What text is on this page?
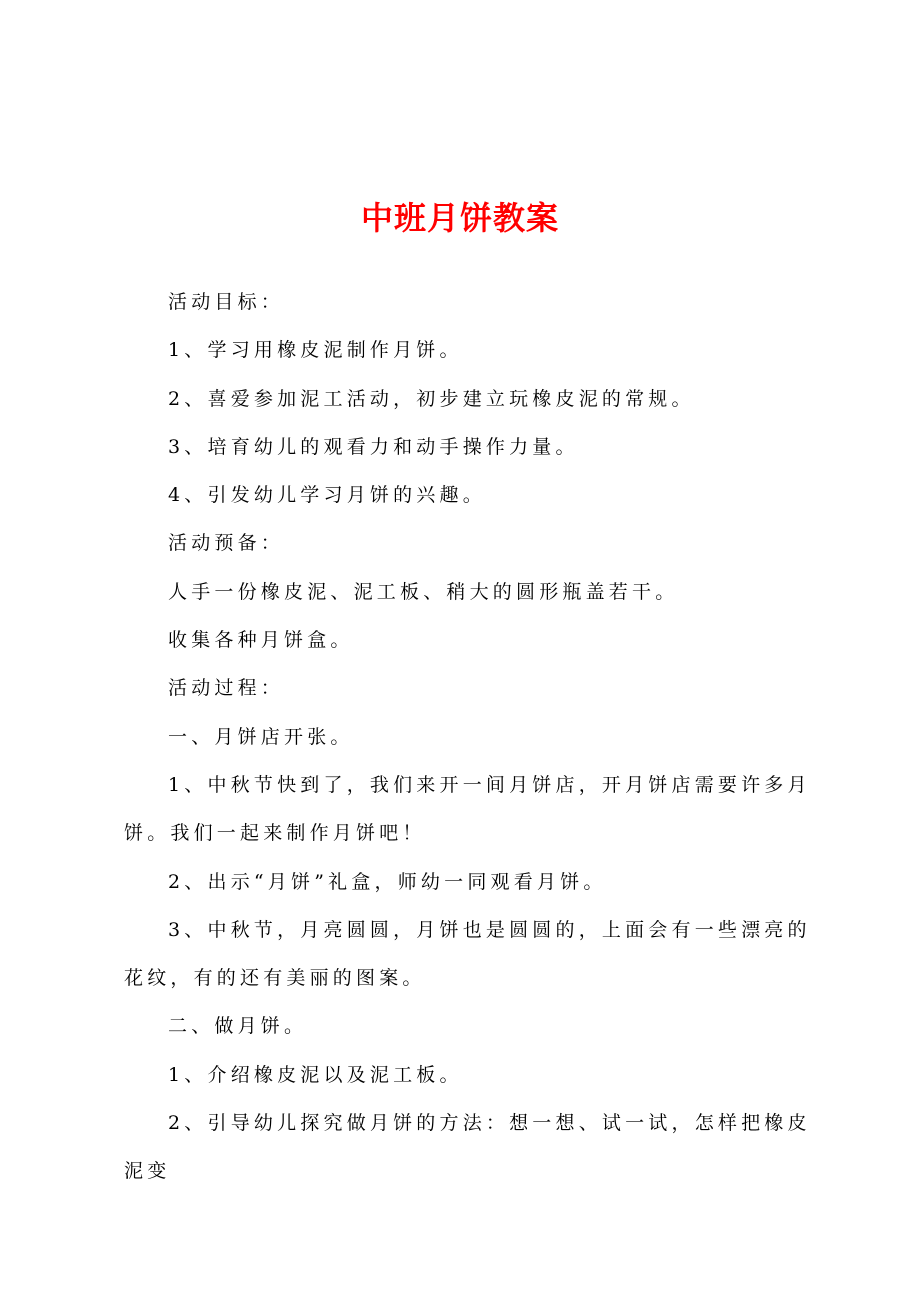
中班月饼教案

活动目标：

1、学习用橡皮泥制作月饼。

2、喜爱参加泥工活动，初步建立玩橡皮泥的常规。

3、培育幼儿的观看力和动手操作力量。

4、引发幼儿学习月饼的兴趣。

活动预备：

人手一份橡皮泥、泥工板、稍大的圆形瓶盖若干。

收集各种月饼盒。

活动过程：

一、月饼店开张。

1、中秋节快到了，我们来开一间月饼店，开月饼店需要许多月饼。我们一起来制作月饼吧！

2、出示“月饼”礼盒，师幼一同观看月饼。

3、中秋节，月亮圆圆，月饼也是圆圆的，上面会有一些漂亮的花纹，有的还有美丽的图案。

二、做月饼。

1、介绍橡皮泥以及泥工板。

2、引导幼儿探究做月饼的方法：想一想、试一试，怎样把橡皮泥变
